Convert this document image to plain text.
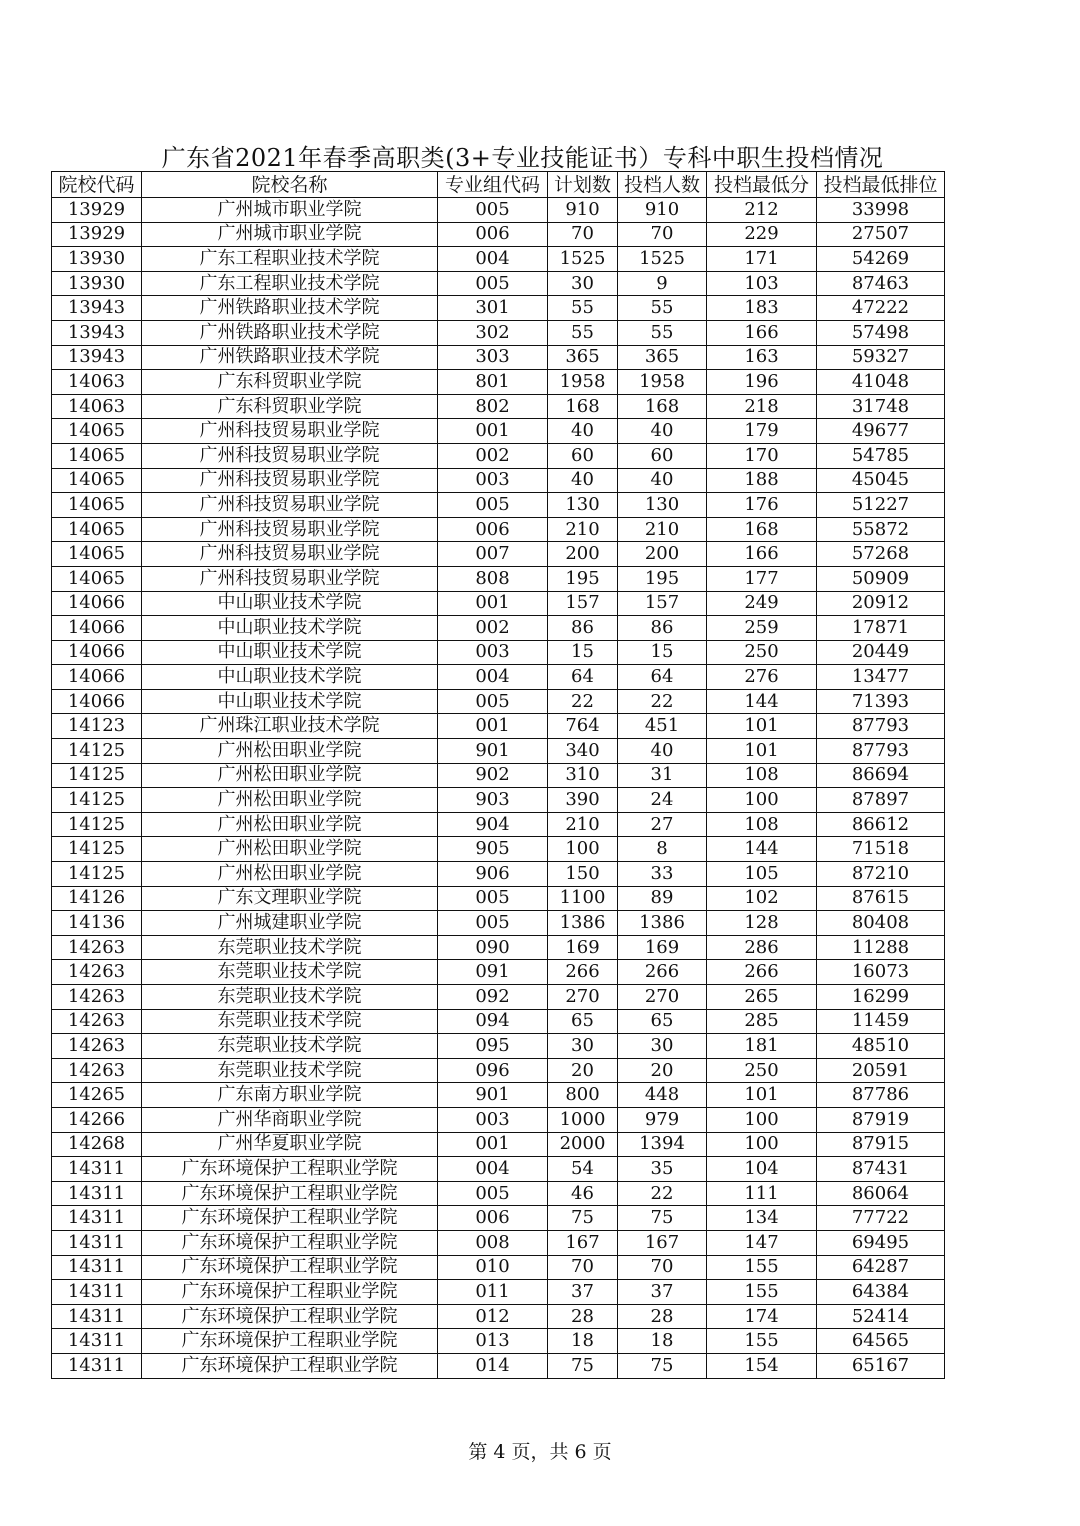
广东省2021年春季高职类(3+专业技能证书）专科中职生投档情况
院校代码	院校名称	专业组代码	计划数	投档人数	投档最低分	投档最低排位
13929	广州城市职业学院	005	910	910	212	33998
13929	广州城市职业学院	006	70	70	229	27507
13930	广东工程职业技术学院	004	1525	1525	171	54269
13930	广东工程职业技术学院	005	30	9	103	87463
13943	广州铁路职业技术学院	301	55	55	183	47222
13943	广州铁路职业技术学院	302	55	55	166	57498
13943	广州铁路职业技术学院	303	365	365	163	59327
14063	广东科贸职业学院	801	1958	1958	196	41048
14063	广东科贸职业学院	802	168	168	218	31748
14065	广州科技贸易职业学院	001	40	40	179	49677
14065	广州科技贸易职业学院	002	60	60	170	54785
14065	广州科技贸易职业学院	003	40	40	188	45045
14065	广州科技贸易职业学院	005	130	130	176	51227
14065	广州科技贸易职业学院	006	210	210	168	55872
14065	广州科技贸易职业学院	007	200	200	166	57268
14065	广州科技贸易职业学院	808	195	195	177	50909
14066	中山职业技术学院	001	157	157	249	20912
14066	中山职业技术学院	002	86	86	259	17871
14066	中山职业技术学院	003	15	15	250	20449
14066	中山职业技术学院	004	64	64	276	13477
14066	中山职业技术学院	005	22	22	144	71393
14123	广州珠江职业技术学院	001	764	451	101	87793
14125	广州松田职业学院	901	340	40	101	87793
14125	广州松田职业学院	902	310	31	108	86694
14125	广州松田职业学院	903	390	24	100	87897
14125	广州松田职业学院	904	210	27	108	86612
14125	广州松田职业学院	905	100	8	144	71518
14125	广州松田职业学院	906	150	33	105	87210
14126	广东文理职业学院	005	1100	89	102	87615
14136	广州城建职业学院	005	1386	1386	128	80408
14263	东莞职业技术学院	090	169	169	286	11288
14263	东莞职业技术学院	091	266	266	266	16073
14263	东莞职业技术学院	092	270	270	265	16299
14263	东莞职业技术学院	094	65	65	285	11459
14263	东莞职业技术学院	095	30	30	181	48510
14263	东莞职业技术学院	096	20	20	250	20591
14265	广东南方职业学院	901	800	448	101	87786
14266	广州华商职业学院	003	1000	979	100	87919
14268	广州华夏职业学院	001	2000	1394	100	87915
14311	广东环境保护工程职业学院	004	54	35	104	87431
14311	广东环境保护工程职业学院	005	46	22	111	86064
14311	广东环境保护工程职业学院	006	75	75	134	77722
14311	广东环境保护工程职业学院	008	167	167	147	69495
14311	广东环境保护工程职业学院	010	70	70	155	64287
14311	广东环境保护工程职业学院	011	37	37	155	64384
14311	广东环境保护工程职业学院	012	28	28	174	52414
14311	广东环境保护工程职业学院	013	18	18	155	64565
14311	广东环境保护工程职业学院	014	75	75	154	65167
第 4 页，共 6 页
